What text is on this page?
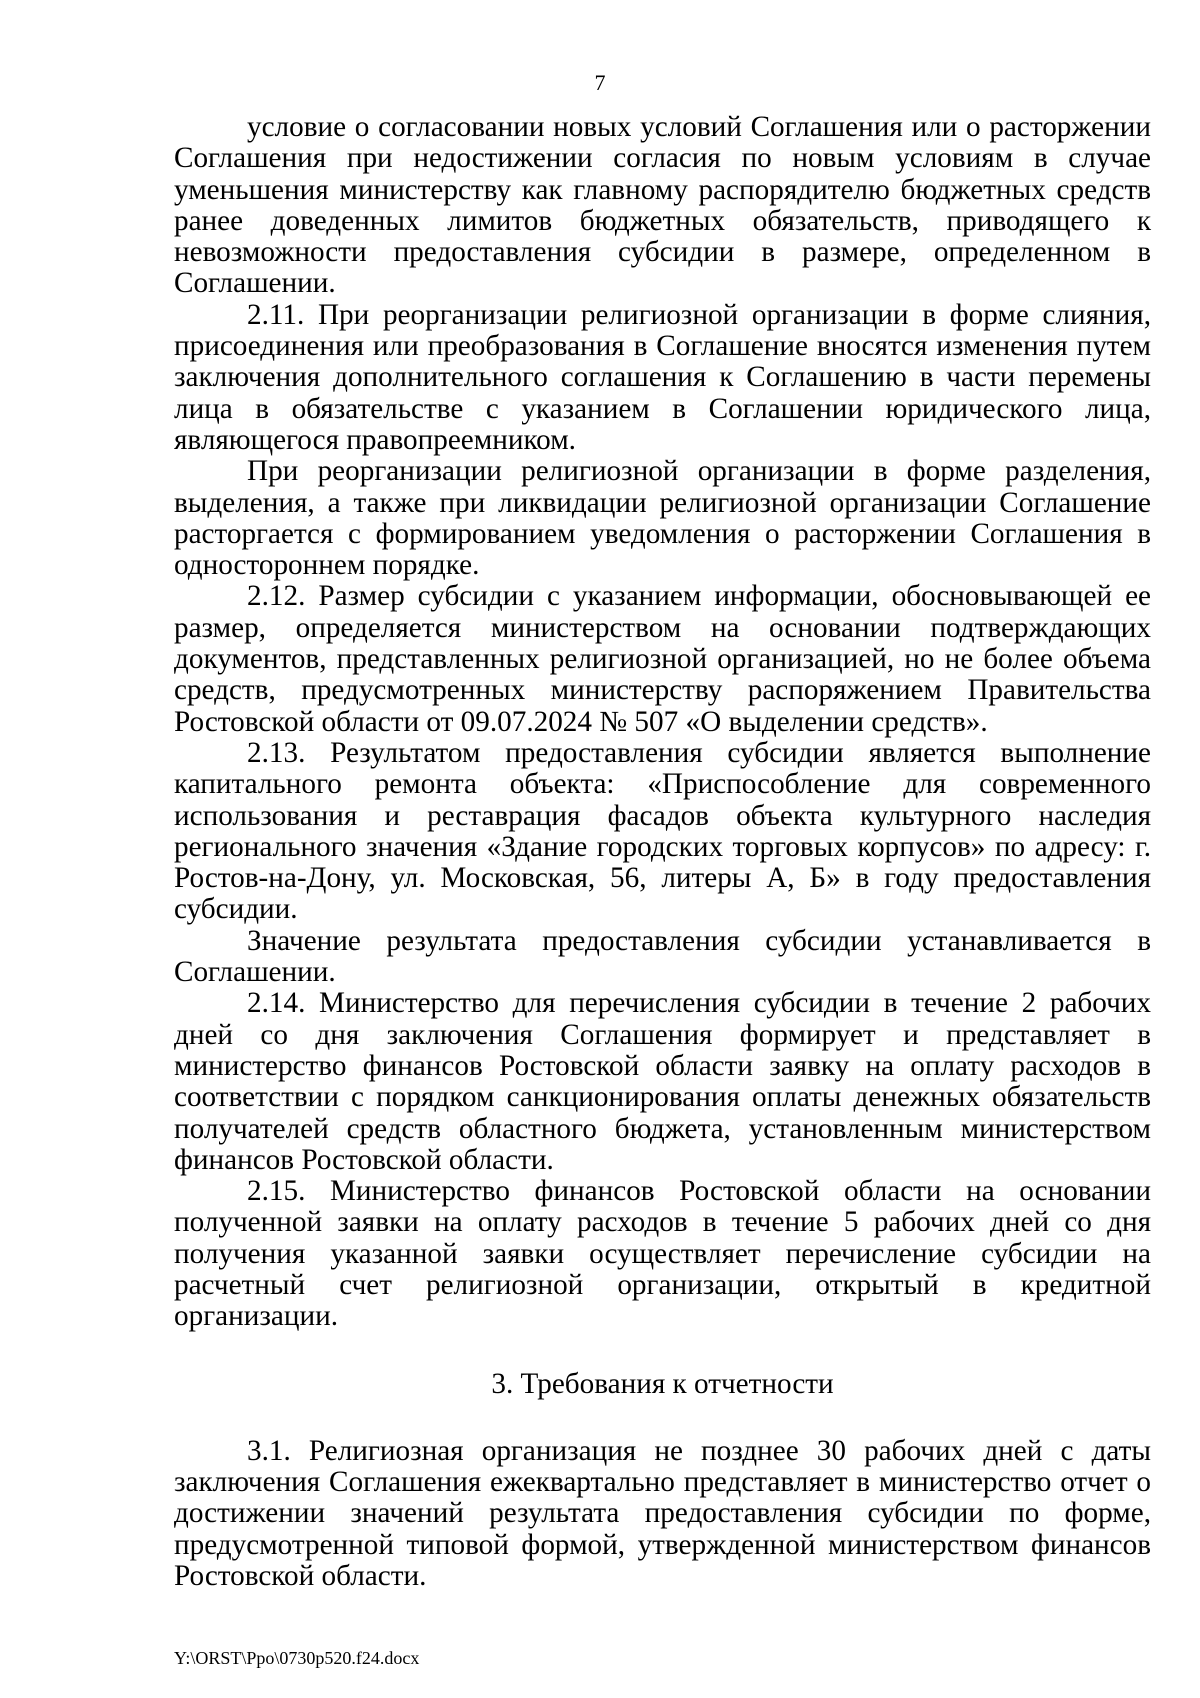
7

условие о согласовании новых условий Соглашения или о расторжении Соглашения при недостижении согласия по новым условиям в случае уменьшения министерству как главному распорядителю бюджетных средств ранее доведенных лимитов бюджетных обязательств, приводящего к невозможности предоставления субсидии в размере, определенном в Соглашении.

2.11. При реорганизации религиозной организации в форме слияния, присоединения или преобразования в Соглашение вносятся изменения путем заключения дополнительного соглашения к Соглашению в части перемены лица в обязательстве с указанием в Соглашении юридического лица, являющегося правопреемником.

При реорганизации религиозной организации в форме разделения, выделения, а также при ликвидации религиозной организации Соглашение расторгается с формированием уведомления о расторжении Соглашения в одностороннем порядке.

2.12. Размер субсидии с указанием информации, обосновывающей ее размер, определяется министерством на основании подтверждающих документов, представленных религиозной организацией, но не более объема средств, предусмотренных министерству распоряжением Правительства Ростовской области от 09.07.2024 № 507 «О выделении средств».

2.13. Результатом предоставления субсидии является выполнение капитального ремонта объекта: «Приспособление для современного использования и реставрация фасадов объекта культурного наследия регионального значения «Здание городских торговых корпусов» по адресу: г. Ростов-на-Дону, ул. Московская, 56, литеры А, Б» в году предоставления субсидии.

Значение результата предоставления субсидии устанавливается в Соглашении.

2.14. Министерство для перечисления субсидии в течение 2 рабочих дней со дня заключения Соглашения формирует и представляет в министерство финансов Ростовской области заявку на оплату расходов в соответствии с порядком санкционирования оплаты денежных обязательств получателей средств областного бюджета, установленным министерством финансов Ростовской области.

2.15. Министерство финансов Ростовской области на основании полученной заявки на оплату расходов в течение 5 рабочих дней со дня получения указанной заявки осуществляет перечисление субсидии на расчетный счет религиозной организации, открытый в кредитной организации.

3. Требования к отчетности

3.1. Религиозная организация не позднее 30 рабочих дней с даты заключения Соглашения ежеквартально представляет в министерство отчет о достижении значений результата предоставления субсидии по форме, предусмотренной типовой формой, утвержденной министерством финансов Ростовской области.

Y:\ORST\Ppo\0730p520.f24.docx
